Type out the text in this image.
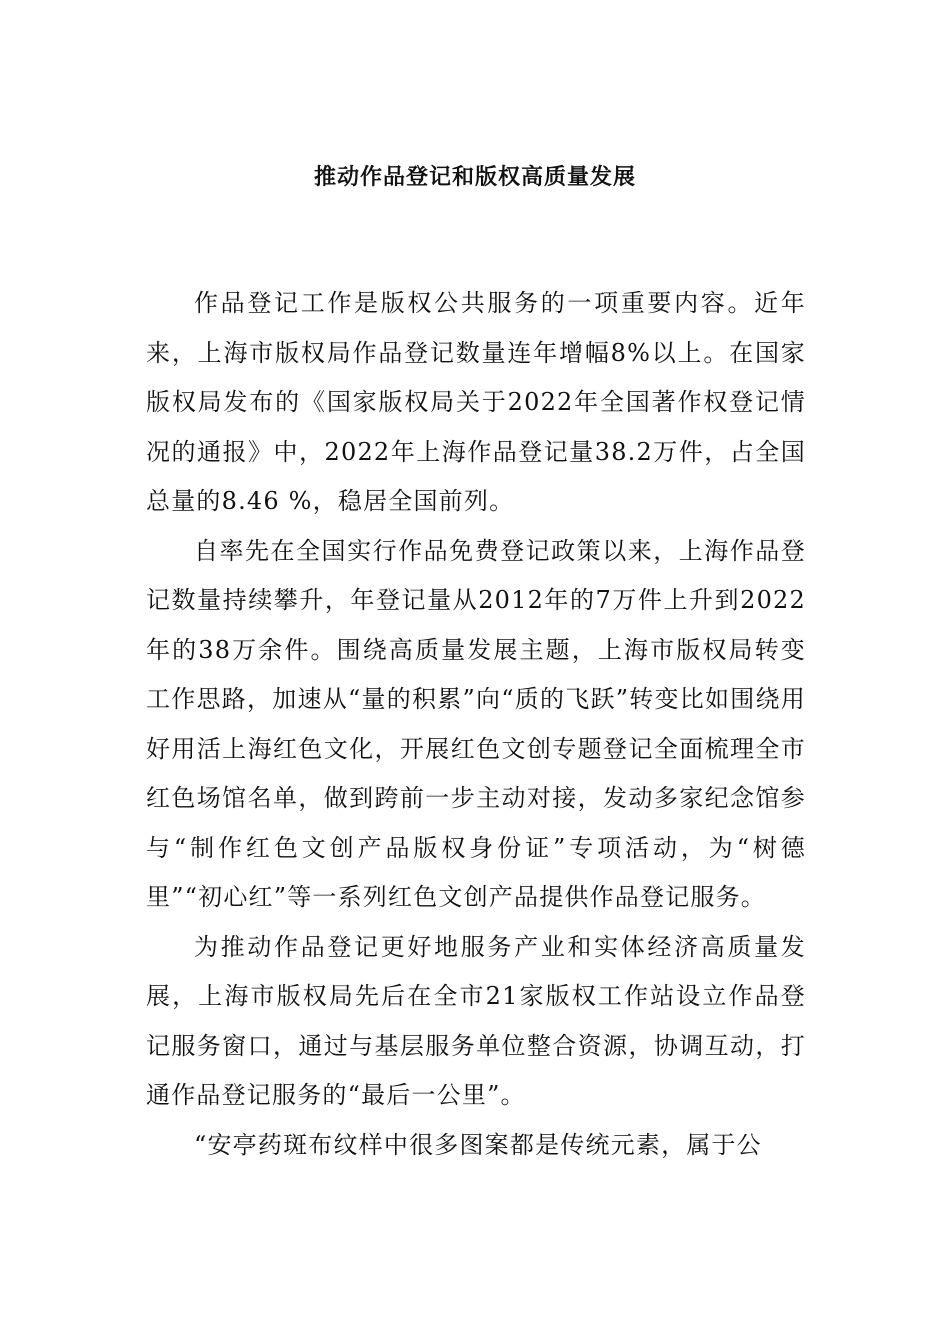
推动作品登记和版权高质量发展

作品登记工作是版权公共服务的一项重要内容。近年来，上海市版权局作品登记数量连年增幅8%以上。在国家版权局发布的《国家版权局关于2022年全国著作权登记情况的通报》中，2022年上海作品登记量38.2万件，占全国总量的8.46 %，稳居全国前列。

自率先在全国实行作品免费登记政策以来，上海作品登记数量持续攀升，年登记量从2012年的7万件上升到2022年的38万余件。围绕高质量发展主题，上海市版权局转变工作思路，加速从“量的积累”向“质的飞跃”转变比如围绕用好用活上海红色文化，开展红色文创专题登记全面梳理全市红色场馆名单，做到跨前一步主动对接，发动多家纪念馆参与“制作红色文创产品版权身份证”专项活动，为“树德里”“初心红”等一系列红色文创产品提供作品登记服务。

为推动作品登记更好地服务产业和实体经济高质量发展，上海市版权局先后在全市21家版权工作站设立作品登记服务窗口，通过与基层服务单位整合资源，协调互动，打通作品登记服务的“最后一公里”。

“安亭药斑布纹样中很多图案都是传统元素，属于公
